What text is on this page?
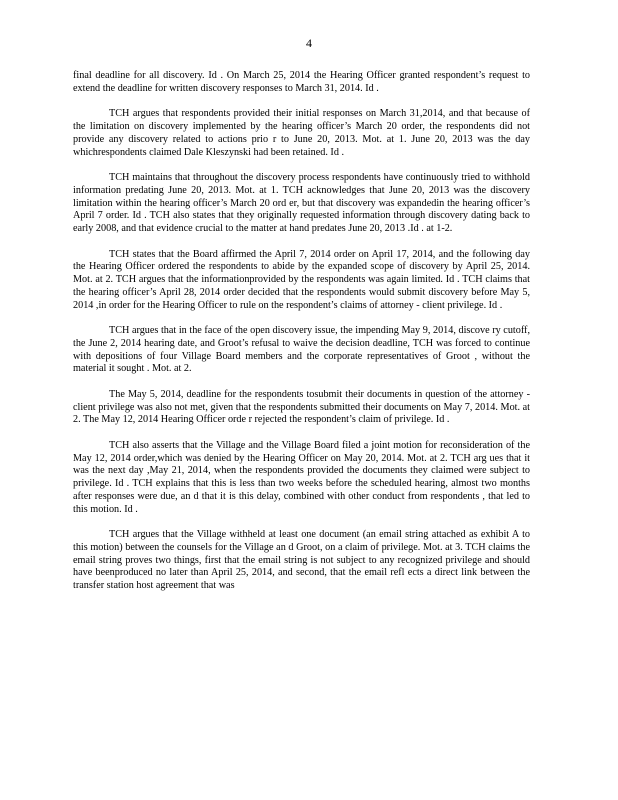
4

final deadline for all discovery. Id . On March 25, 2014 the Hearing Officer granted respondent’s request to extend the deadline for written discovery responses to March 31, 2014. Id .

TCH argues that respondents provided their initial responses on March 31,2014, and that because of the limitation on discovery implemented by the hearing officer’s March 20 order, the respondents did not provide any discovery related to actions prio r to June 20, 2013. Mot. at 1. June 20, 2013 was the day whichrespondents claimed Dale Kleszynski had been retained. Id .

TCH maintains that throughout the discovery process respondents have continuously tried to withhold information predating June 20, 2013. Mot. at 1. TCH acknowledges that June 20, 2013 was the discovery limitation within the hearing officer’s March 20 ord er, but that discovery was expandedin the hearing officer’s April 7 order. Id . TCH also states that they originally requested information through discovery dating back to early 2008, and that evidence crucial to the matter at hand predates June 20, 2013 .Id . at 1-2.

TCH states that the Board affirmed the April 7, 2014 order on April 17, 2014, and the following day the Hearing Officer ordered the respondents to abide by the expanded scope of discovery by April 25, 2014. Mot. at 2. TCH argues that the informationprovided by the respondents was again limited. Id . TCH claims that the hearing officer’s April 28, 2014 order decided that the respondents would submit discovery before May 5, 2014 ,in order for the Hearing Officer to rule on the respondent’s claims of attorney - client privilege. Id .

TCH argues that in the face of the open discovery issue, the impending May 9, 2014, discove ry cutoff, the June 2, 2014 hearing date, and Groot’s refusal to waive the decision deadline, TCH was forced to continue with depositions of four Village Board members and the corporate representatives of Groot , without the material it sought . Mot. at 2.

The May 5, 2014, deadline for the respondents tosubmit their documents in question of the attorney -client privilege was also not met, given that the respondents submitted their documents on May 7, 2014. Mot. at 2. The May 12, 2014 Hearing Officer orde r rejected the respondent’s claim of privilege. Id .

TCH also asserts that the Village and the Village Board filed a joint motion for reconsideration of the May 12, 2014 order,which was denied by the Hearing Officer on May 20, 2014. Mot. at 2. TCH arg ues that it was the next day ,May 21, 2014, when the respondents provided the documents they claimed were subject to privilege. Id . TCH explains that this is less than two weeks before the scheduled hearing, almost two months after responses were due, an d that it is this delay, combined with other conduct from respondents , that led to this motion. Id .

TCH argues that the Village withheld at least one document (an email string attached as exhibit A to this motion) between the counsels for the Village an d Groot, on a claim of privilege. Mot. at 3. TCH claims the email string proves two things, first that the email string is not subject to any recognized privilege and should have beenproduced no later than April 25, 2014, and second, that the email refl ects a direct link between the transfer station host agreement that was
